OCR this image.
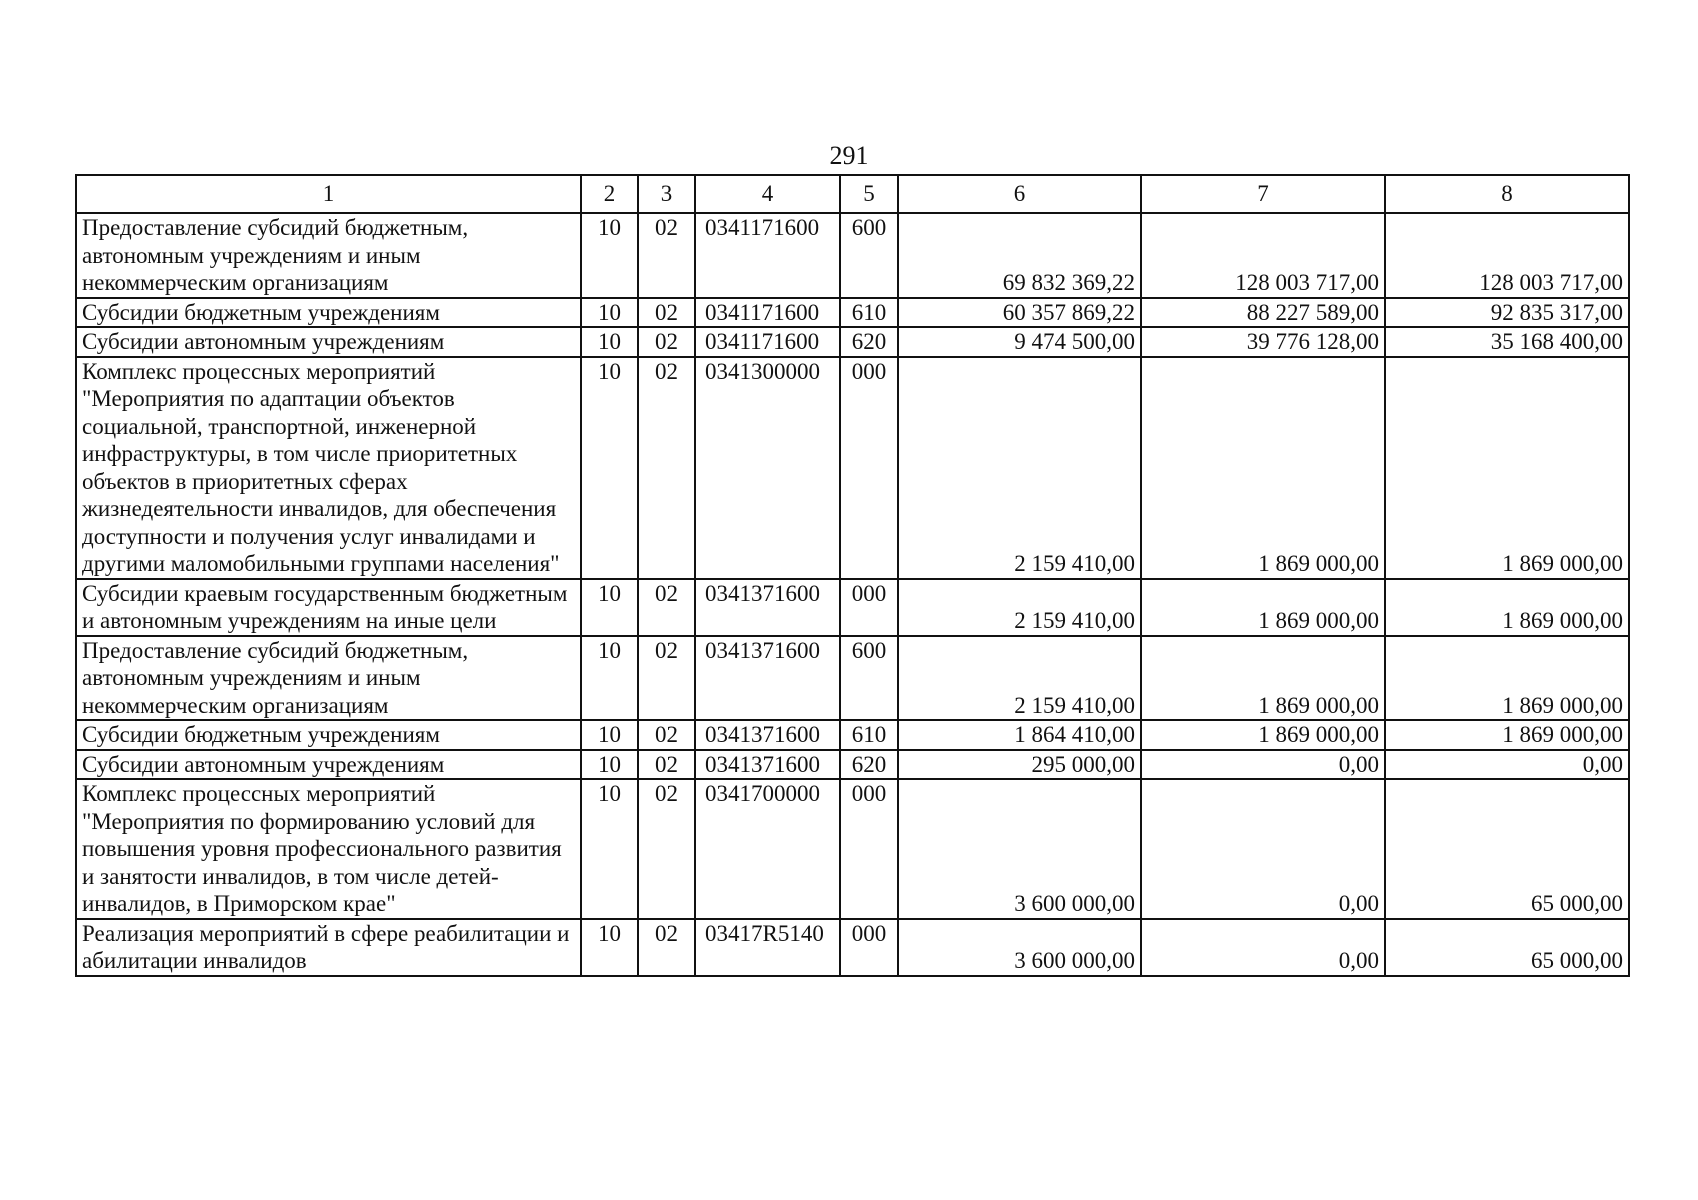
291
1	2	3	4	5	6	7	8
Предоставление субсидий бюджетным, автономным учреждениям и иным некоммерческим организациям	10	02	0341171600	600	69 832 369,22	128 003 717,00	128 003 717,00
Субсидии бюджетным учреждениям	10	02	0341171600	610	60 357 869,22	88 227 589,00	92 835 317,00
Субсидии автономным учреждениям	10	02	0341171600	620	9 474 500,00	39 776 128,00	35 168 400,00
Комплекс процессных мероприятий "Мероприятия по адаптации объектов социальной, транспортной, инженерной инфраструктуры, в том числе приоритетных объектов в приоритетных сферах жизнедеятельности инвалидов, для обеспечения доступности и получения услуг инвалидами и другими маломобильными группами населения"	10	02	0341300000	000	2 159 410,00	1 869 000,00	1 869 000,00
Субсидии краевым государственным бюджетным и автономным учреждениям на иные цели	10	02	0341371600	000	2 159 410,00	1 869 000,00	1 869 000,00
Предоставление субсидий бюджетным, автономным учреждениям и иным некоммерческим организациям	10	02	0341371600	600	2 159 410,00	1 869 000,00	1 869 000,00
Субсидии бюджетным учреждениям	10	02	0341371600	610	1 864 410,00	1 869 000,00	1 869 000,00
Субсидии автономным учреждениям	10	02	0341371600	620	295 000,00	0,00	0,00
Комплекс процессных мероприятий "Мероприятия по формированию условий для повышения уровня профессионального развития и занятости инвалидов, в том числе детей-инвалидов, в Приморском крае"	10	02	0341700000	000	3 600 000,00	0,00	65 000,00
Реализация мероприятий в сфере реабилитации и абилитации инвалидов	10	02	03417R5140	000	3 600 000,00	0,00	65 000,00
